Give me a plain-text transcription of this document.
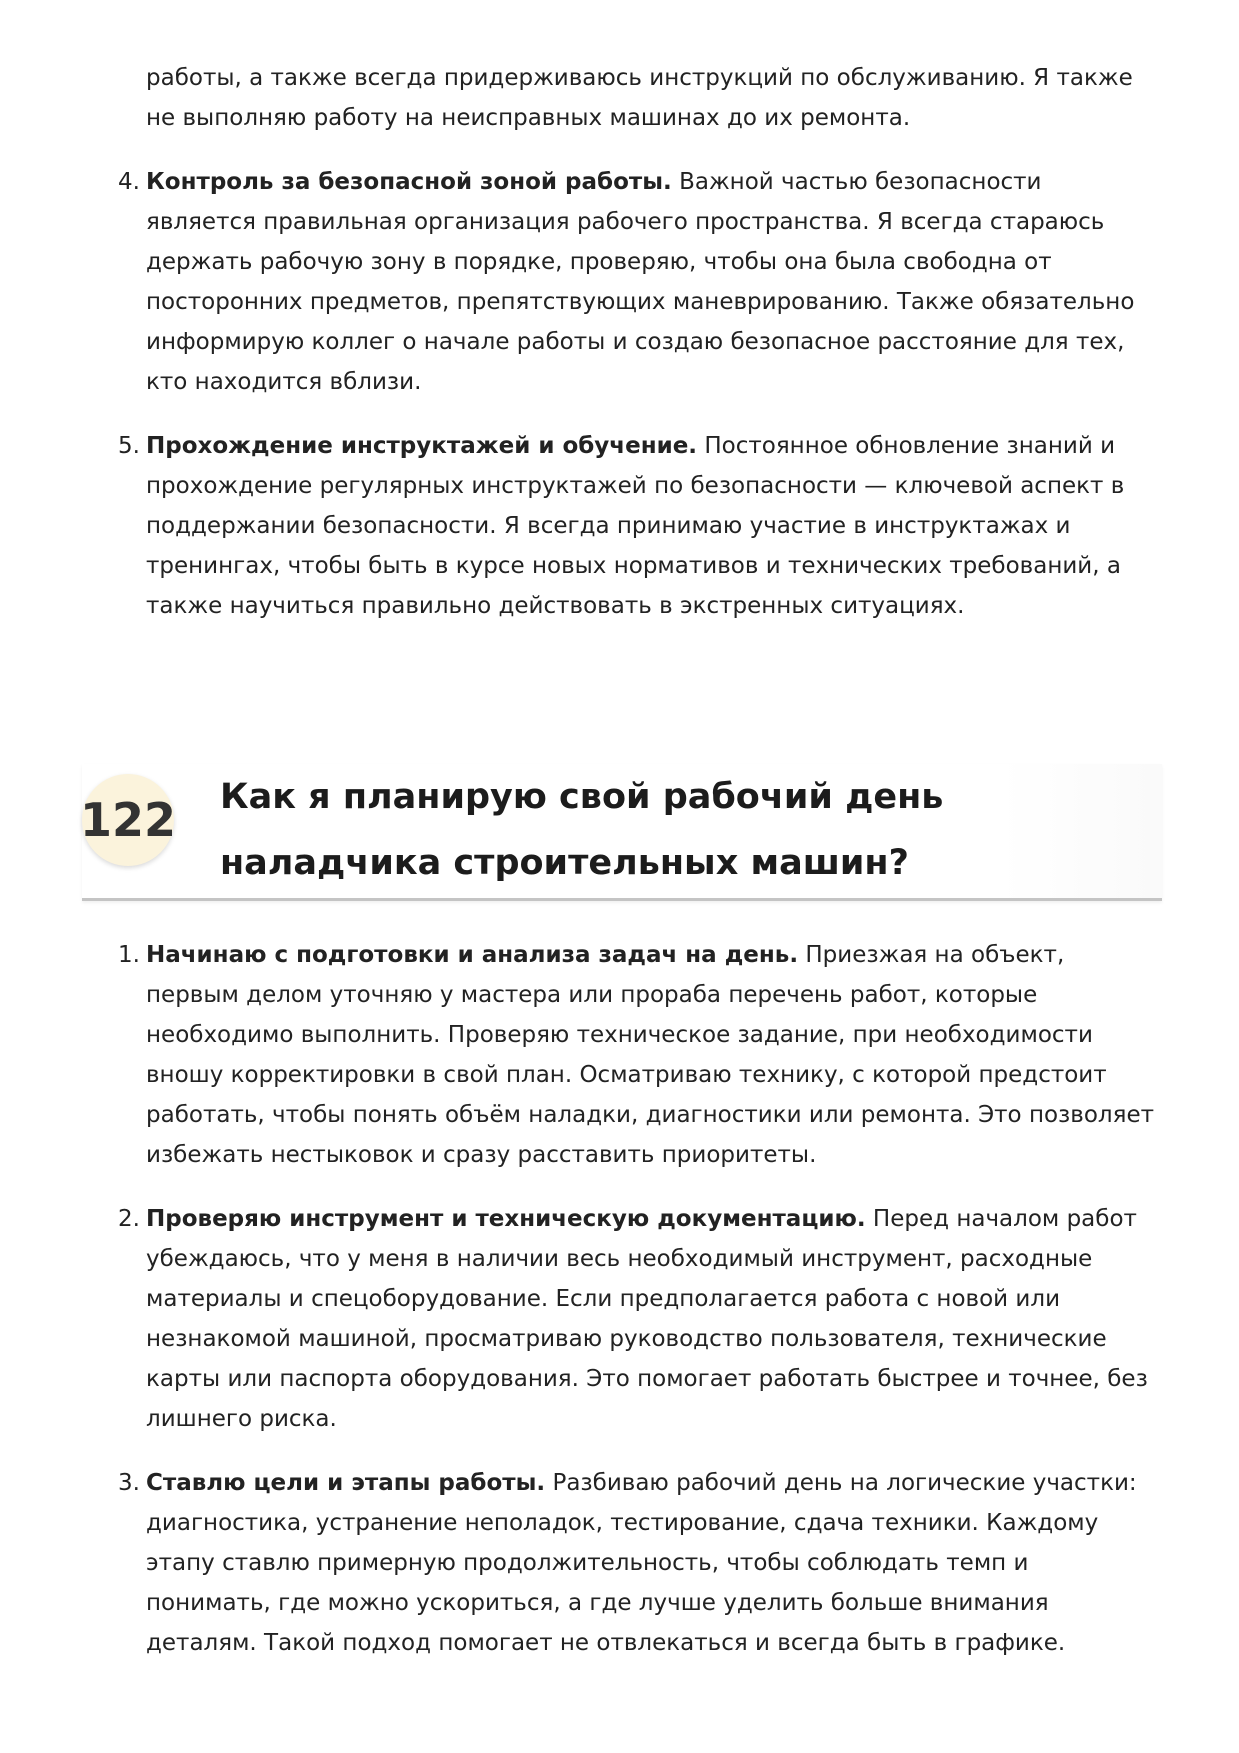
работы, а также всегда придерживаюсь инструкций по обслуживанию. Я также не выполняю работу на неисправных машинах до их ремонта.
4. Контроль за безопасной зоной работы. Важной частью безопасности является правильная организация рабочего пространства. Я всегда стараюсь держать рабочую зону в порядке, проверяю, чтобы она была свободна от посторонних предметов, препятствующих маневрированию. Также обязательно информирую коллег о начале работы и создаю безопасное расстояние для тех, кто находится вблизи.
5. Прохождение инструктажей и обучение. Постоянное обновление знаний и прохождение регулярных инструктажей по безопасности — ключевой аспект в поддержании безопасности. Я всегда принимаю участие в инструктажах и тренингах, чтобы быть в курсе новых нормативов и технических требований, а также научиться правильно действовать в экстренных ситуациях.
122 Как я планирую свой рабочий день наладчика строительных машин?
1. Начинаю с подготовки и анализа задач на день. Приезжая на объект, первым делом уточняю у мастера или прораба перечень работ, которые необходимо выполнить. Проверяю техническое задание, при необходимости вношу корректировки в свой план. Осматриваю технику, с которой предстоит работать, чтобы понять объём наладки, диагностики или ремонта. Это позволяет избежать нестыковок и сразу расставить приоритеты.
2. Проверяю инструмент и техническую документацию. Перед началом работ убеждаюсь, что у меня в наличии весь необходимый инструмент, расходные материалы и спецоборудование. Если предполагается работа с новой или незнакомой машиной, просматриваю руководство пользователя, технические карты или паспорта оборудования. Это помогает работать быстрее и точнее, без лишнего риска.
3. Ставлю цели и этапы работы. Разбиваю рабочий день на логические участки: диагностика, устранение неполадок, тестирование, сдача техники. Каждому этапу ставлю примерную продолжительность, чтобы соблюдать темп и понимать, где можно ускориться, а где лучше уделить больше внимания деталям. Такой подход помогает не отвлекаться и всегда быть в графике.
